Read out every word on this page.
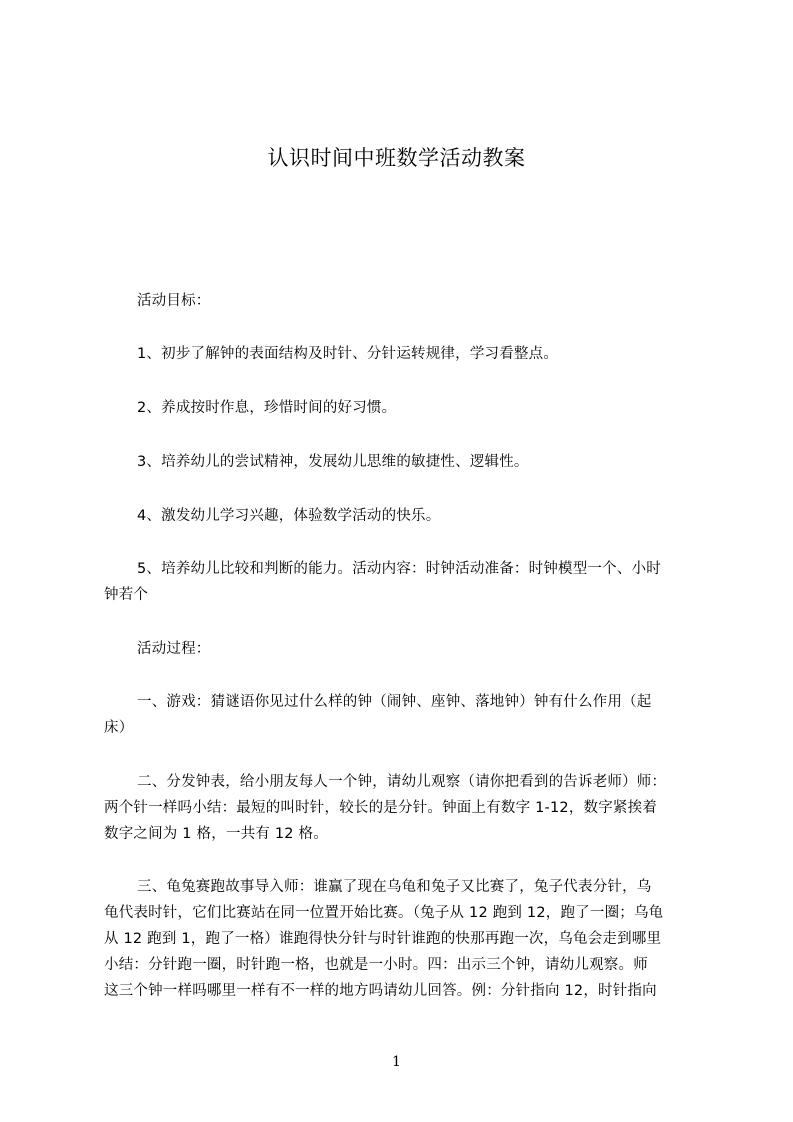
认识时间中班数学活动教案

活动目标：

1、初步了解钟的表面结构及时针、分针运转规律，学习看整点。

2、养成按时作息，珍惜时间的好习惯。

3、培养幼儿的尝试精神，发展幼儿思维的敏捷性、逻辑性。

4、激发幼儿学习兴趣，体验数学活动的快乐。

5、培养幼儿比较和判断的能力。活动内容：时钟活动准备：时钟模型一个、小时
钟若个

活动过程：

一、游戏：猜谜语你见过什么样的钟（闹钟、座钟、落地钟）钟有什么作用（起
床）
二、分发钟表，给小朋友每人一个钟，请幼儿观察（请你把看到的告诉老师）师：
两个针一样吗小结：最短的叫时针，较长的是分针。钟面上有数字 1-12，数字紧挨着
数字之间为 1 格，一共有 12 格。
三、龟兔赛跑故事导入师：谁赢了现在乌龟和兔子又比赛了，兔子代表分针，乌
龟代表时针，它们比赛站在同一位置开始比赛。（兔子从 12 跑到 12，跑了一圈；乌龟
从 12 跑到 1，跑了一格）谁跑得快分针与时针谁跑的快那再跑一次，乌龟会走到哪里
小结：分针跑一圈，时针跑一格，也就是一小时。四：出示三个钟，请幼儿观察。师
这三个钟一样吗哪里一样有不一样的地方吗请幼儿回答。例：分针指向 12，时针指向
1
